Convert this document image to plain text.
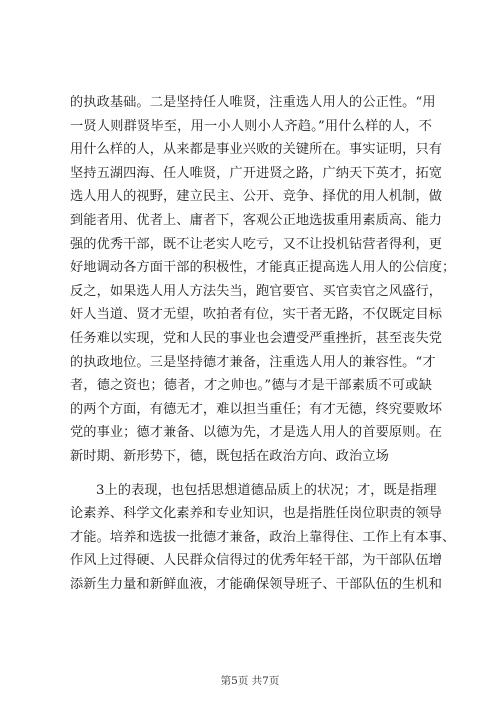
的执政基础。二是坚持任人唯贤，注重选人用人的公正性。“用
一贤人则群贤毕至，用一小人则小人齐趋。”用什么样的人，不
用什么样的人，从来都是事业兴败的关键所在。事实证明，只有
坚持五湖四海、任人唯贤，广开进贤之路，广纳天下英才，拓宽
选人用人的视野，建立民主、公开、竞争、择优的用人机制，做
到能者用、优者上、庸者下，客观公正地选拔重用素质高、能力
强的优秀干部，既不让老实人吃亏，又不让投机钻营者得利，更
好地调动各方面干部的积极性，才能真正提高选人用人的公信度；
反之，如果选人用人方法失当，跑官要官、买官卖官之风盛行，
奸人当道、贤才无望，吹拍者有位，实干者无路，不仅既定目标
任务难以实现，党和人民的事业也会遭受严重挫折，甚至丧失党
的执政地位。三是坚持德才兼备，注重选人用人的兼容性。“才
者，德之资也；德者，才之帅也。”德与才是干部素质不可或缺
的两个方面，有德无才，难以担当重任；有才无德，终究要败坏
党的事业；德才兼备、以德为先，才是选人用人的首要原则。在
新时期、新形势下，德，既包括在政治方向、政治立场
3上的表现，也包括思想道德品质上的状况；才，既是指理
论素养、科学文化素养和专业知识，也是指胜任岗位职责的领导
才能。培养和选拔一批德才兼备，政治上靠得住、工作上有本事、
作风上过得硬、人民群众信得过的优秀年轻干部，为干部队伍增
添新生力量和新鲜血液，才能确保领导班子、干部队伍的生机和
第5页 共7页
